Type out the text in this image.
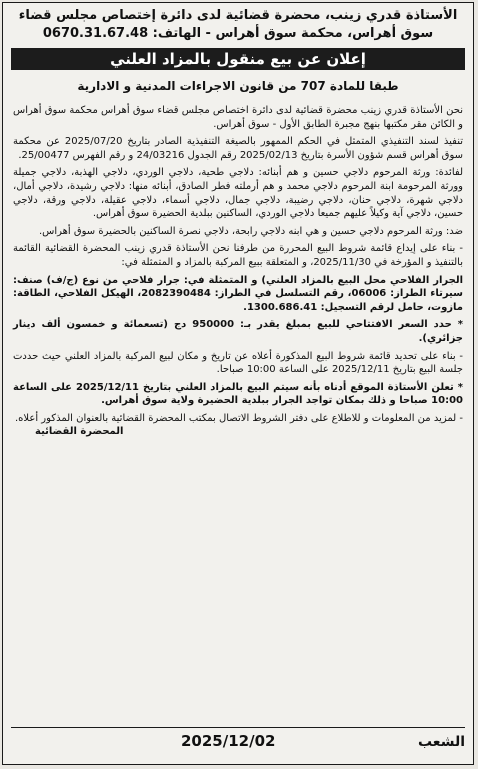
الأستاذة قدري زينب، محضرة قضائية لدى دائرة إختصاص مجلس قضاء
سوق أهراس، محكمة سوق أهراس - الهاتف: 0670.31.67.48
إعلان عن بيع منقول بالمزاد العلني
طبقا للمادة 707 من قانون الاجراءات المدنية و الادارية

نحن الأستاذة قدري زينب محضرة قضائية لدى دائرة اختصاص مجلس قضاء سوق أهراس محكمة سوق أهراس و الكائن مقر مكتبها بنهج مجبرة الطابق الأول - سوق أهراس.

تنفيذ لسند التنفيذي المتمثل في الحكم الممهور بالصيغة التنفيذية الصادر بتاريخ 2025/07/20 عن محكمة سوق أهراس قسم شؤون الأسرة بتاريخ 2025/02/13 رقم الجدول 24/03216 و رقم الفهرس 25/00477.

لفائدة: ورثة المرحوم دلاجي حسين و هم أبنائه: دلاجي طحية، دلاجي الوردي، دلاجي الهذبة، دلاجي جميلة وورثة المرحومة ابنة المرحوم دلاجي محمد و هم أرملته فطر الصادق، أبنائه منها: دلاجي رشيدة، دلاجي أمال، دلاجي شهرة، دلاجي حنان، دلاجي رضيبة، دلاجي جمال، دلاجي أسماء، دلاجي عقيلة، دلاجي ورقة، دلاجي حسين، دلاجي آية وكيلاً عليهم جميعا دلاجي الوردي، الساكنين ببلدية الحضيرة سوق أهراس.

ضد: ورثة المرحوم دلاجي حسين و هي ابنه دلاجي رابحة، دلاجي نصرة الساكنين بالحضيرة سوق أهراس.

- بناء على إيداع قائمة شروط البيع المحررة من طرفنا نحن الأستاذة قدري زينب المحضرة القضائية القائمة بالتنفيذ و المؤرخة في 2025/11/30، و المتعلقة ببيع المركبة بالمزاد و المتمثلة في:

الجرار الفلاحي محل البيع بالمزاد العلني) و المتمثلة في: جرار فلاحي من نوع (ج/ف) صنف: سيرتاء الطراز: 06006، رقم التسلسل في الطراز: 2082390484، الهيكل الفلاحي، الطاقة: مازوت، حامل لرقم التسجيل: 1300.686.41.

* حدد السعر الافتتاحي للبيع بمبلغ يقدر بـ: 950000 دج (تسعمائة و خمسون ألف دينار جزائري).

- بناء على تحديد قائمة شروط البيع المذكورة أعلاه عن تاريخ و مكان لبيع المركبة بالمزاد العلني حيث حددت جلسة البيع بتاريخ 2025/12/11 على الساعة 10:00 صباحا.

* تعلن الأستاذة الموقع أدناه بأنه سيتم البيع بالمزاد العلني بتاريخ 2025/12/11 على الساعة 10:00 صباحا و ذلك بمكان تواجد الجرار ببلدية الحضيرة ولاية سوق أهراس.

- لمزيد من المعلومات و للاطلاع على دفتر الشروط الاتصال بمكتب المحضرة القضائية بالعنوان المذكور أعلاه.

المحضرة القضائية
الشعب
2025/12/02
